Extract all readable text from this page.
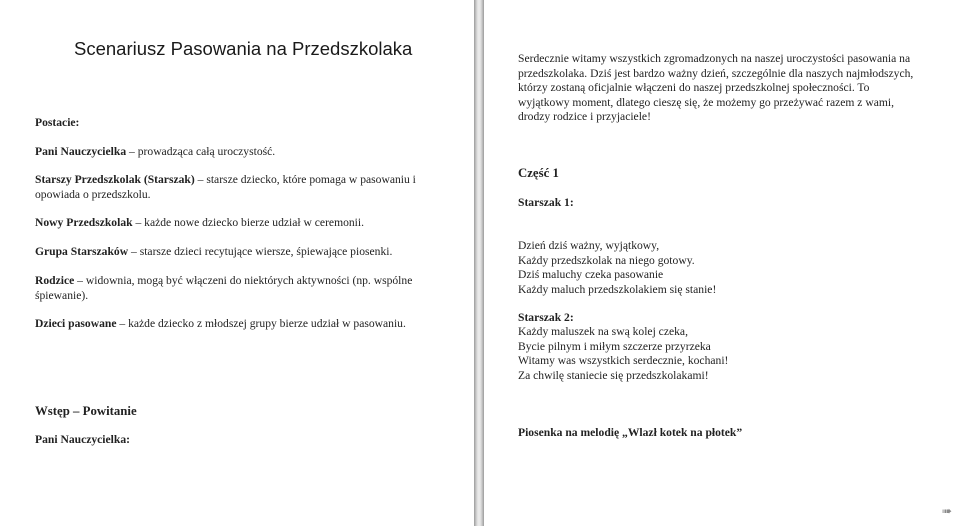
Scenariusz Pasowania na Przedszkolaka
Postacie:
Pani Nauczycielka – prowadząca całą uroczystość.
Starszy Przedszkolak (Starszak) – starsze dziecko, które pomaga w pasowaniu i
opowiada o przedszkolu.
Nowy Przedszkolak – każde nowe dziecko bierze udział w ceremonii.
Grupa Starszaków – starsze dzieci recytujące wiersze, śpiewające piosenki.
Rodzice – widownia, mogą być włączeni do niektórych aktywności (np. wspólne
śpiewanie).
Dzieci pasowane – każde dziecko z młodszej grupy bierze udział w pasowaniu.
Wstęp – Powitanie
Pani Nauczycielka:
Serdecznie witamy wszystkich zgromadzonych na naszej uroczystości pasowania na
przedszkolaka. Dziś jest bardzo ważny dzień, szczególnie dla naszych najmłodszych,
którzy zostaną oficjalnie włączeni do naszej przedszkolnej społeczności. To
wyjątkowy moment, dlatego cieszę się, że możemy go przeżywać razem z wami,
drodzy rodzice i przyjaciele!
Część 1
Starszak 1:
Dzień dziś ważny, wyjątkowy,
Każdy przedszkolak na niego gotowy.
Dziś maluchy czeka pasowanie
Każdy maluch przedszkolakiem się stanie!
Starszak 2:
Każdy maluszek na swą kolej czeka,
Bycie pilnym i miłym szczerze przyrzeka
Witamy was wszystkich serdecznie, kochani!
Za chwilę staniecie się przedszkolakami!
Piosenka na melodię „Wlazł kotek na płotek”
➠
